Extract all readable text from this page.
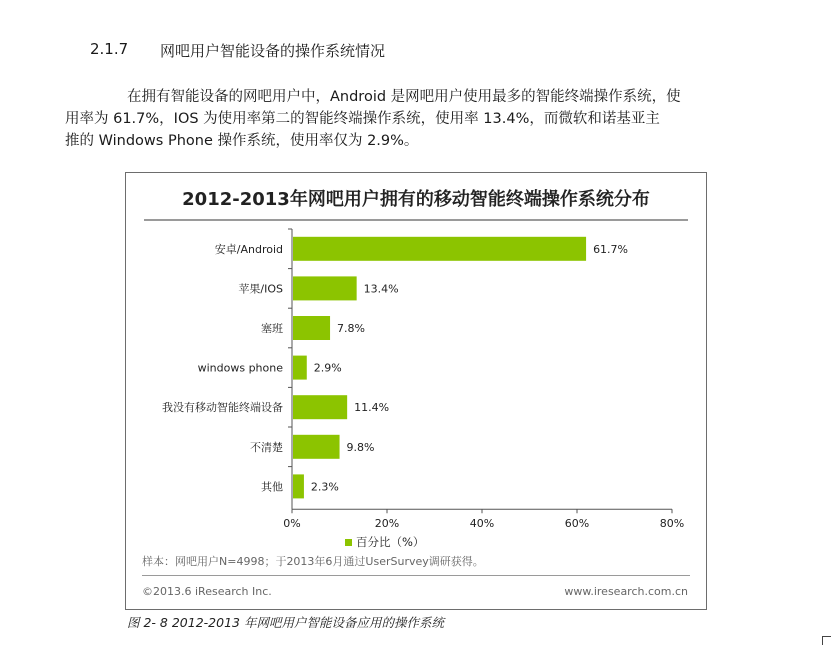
2.1.7 网吧用户智能设备的操作系统情况
在拥有智能设备的网吧用户中，Android 是网吧用户使用最多的智能终端操作系统，使
用率为 61.7%，IOS 为使用率第二的智能终端操作系统，使用率 13.4%，而微软和诺基亚主
推的 Windows Phone 操作系统，使用率仅为 2.9%。
2012-2013年网吧用户拥有的移动智能终端操作系统分布
安卓/Android	61.7%
苹果/IOS	13.4%
塞班	7.8%
windows phone	2.9%
我没有移动智能终端设备	11.4%
不清楚	9.8%
其他	2.3%
0%	20%	40%	60%	80%
百分比（%）
样本：网吧用户N=4998；于2013年6月通过UserSurvey调研获得。
©2013.6 iResearch Inc.	www.iresearch.com.cn
图 2- 8 2012-2013 年网吧用户智能设备应用的操作系统
